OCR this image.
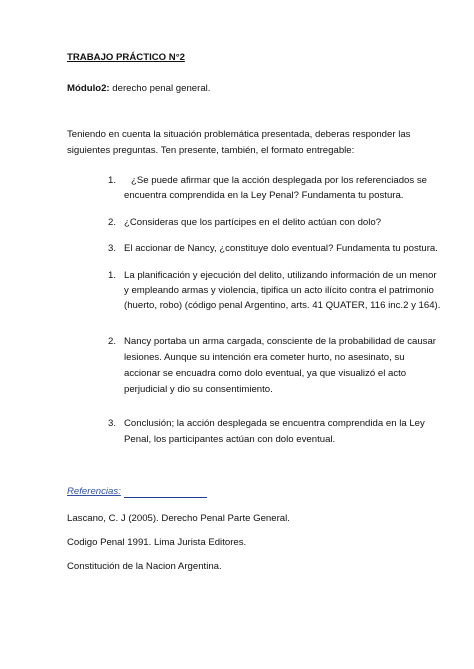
TRABAJO PRÁCTICO N°2
Módulo2: derecho penal general.
Teniendo en cuenta la situación problemática presentada, deberas responder las
siguientes preguntas. Ten presente, también, el formato entregable:
1. ¿Se puede afirmar que la acción desplegada por los referenciados se
encuentra comprendida en la Ley Penal? Fundamenta tu postura.
2. ¿Consideras que los partícipes en el delito actúan con dolo?
3. El accionar de Nancy, ¿constituye dolo eventual? Fundamenta tu postura.
1. La planificación y ejecución del delito, utilizando información de un menor
y empleando armas y violencia, tipifica un acto ilícito contra el patrimonio
(huerto, robo) (código penal Argentino, arts. 41 QUATER, 116 inc.2 y 164).
2. Nancy portaba un arma cargada, consciente de la probabilidad de causar
lesiones. Aunque su intención era cometer hurto, no asesinato, su
accionar se encuadra como dolo eventual, ya que visualizó el acto
perjudicial y dio su consentimiento.
3. Conclusión; la acción desplegada se encuentra comprendida en la Ley
Penal, los participantes actúan con dolo eventual.
Referencias:
Lascano, C. J (2005). Derecho Penal Parte General.
Codigo Penal 1991. Lima Jurista Editores.
Constitución de la Nacion Argentina.
